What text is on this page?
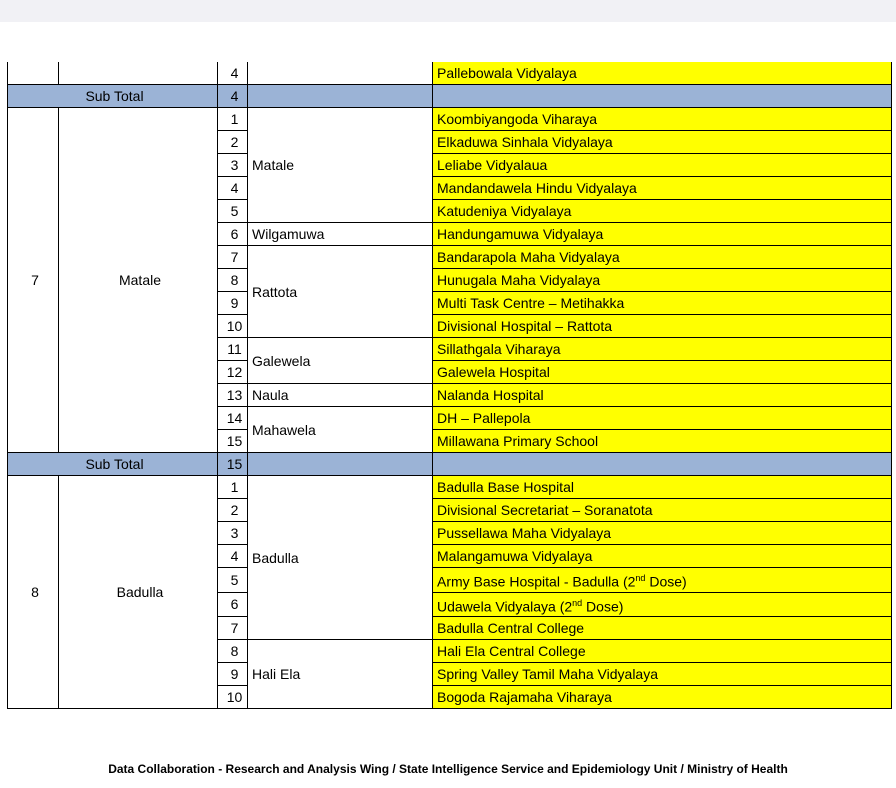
		4		Pallebowala Vidyalaya
Sub Total		4		
7	Matale	1	Matale	Koombiyangoda Viharaya
		2		Elkaduwa Sinhala Vidyalaya
		3		Leliabe Vidyalaua
		4		Mandandawela Hindu Vidyalaya
		5		Katudeniya Vidyalaya
		6	Wilgamuwa	Handungamuwa Vidyalaya
		7	Rattota	Bandarapola Maha Vidyalaya
		8		Hunugala Maha Vidyalaya
		9		Multi Task Centre – Metihakka
		10		Divisional Hospital – Rattota
		11	Galewela	Sillathgala Viharaya
		12		Galewela Hospital
		13	Naula	Nalanda Hospital
		14	Mahawela	DH – Pallepola
		15		Millawana Primary School
Sub Total		15		
8	Badulla	1	Badulla	Badulla Base Hospital
		2		Divisional Secretariat – Soranatota
		3		Pussellawa Maha Vidyalaya
		4		Malangamuwa Vidyalaya
		5		Army Base Hospital - Badulla (2nd Dose)
		6		Udawela Vidyalaya (2nd Dose)
		7		Badulla Central College
		8	Hali Ela	Hali Ela Central College
		9		Spring Valley Tamil Maha Vidyalaya
		10		Bogoda Rajamaha Viharaya
Data Collaboration - Research and Analysis Wing / State Intelligence Service and Epidemiology Unit / Ministry of Health
